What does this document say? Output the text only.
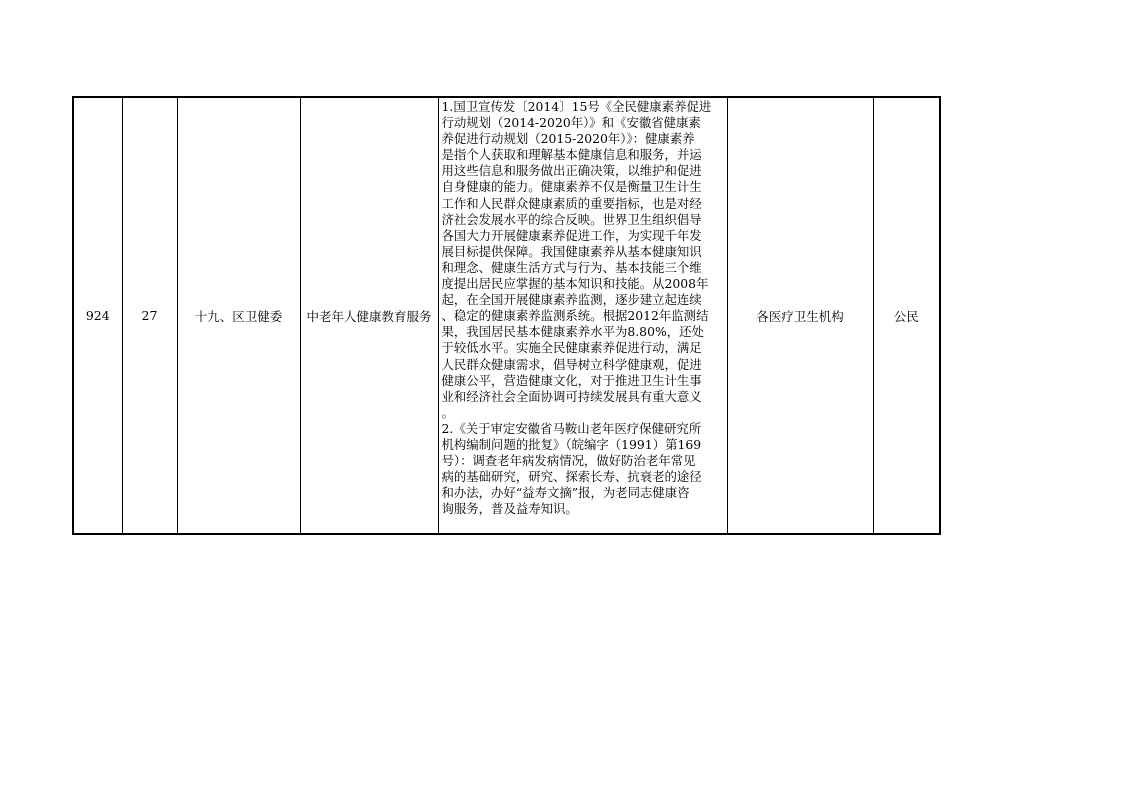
924	27	十九、区卫健委	中老年人健康教育服务	
1.国卫宣传发〔2014〕15号《全民健康素养促进
行动规划（2014-2020年）》和《安徽省健康素
养促进行动规划（2015-2020年）》：健康素养
是指个人获取和理解基本健康信息和服务，并运
用这些信息和服务做出正确决策，以维护和促进
自身健康的能力。健康素养不仅是衡量卫生计生
工作和人民群众健康素质的重要指标，也是对经
济社会发展水平的综合反映。世界卫生组织倡导
各国大力开展健康素养促进工作，为实现千年发
展目标提供保障。我国健康素养从基本健康知识
和理念、健康生活方式与行为、基本技能三个维
度提出居民应掌握的基本知识和技能。从2008年
起，在全国开展健康素养监测，逐步建立起连续
、稳定的健康素养监测系统。根据2012年监测结
果，我国居民基本健康素养水平为8.80%，还处
于较低水平。实施全民健康素养促进行动，满足
人民群众健康需求，倡导树立科学健康观，促进
健康公平，营造健康文化，对于推进卫生计生事
业和经济社会全面协调可持续发展具有重大意义
。
2.《关于审定安徽省马鞍山老年医疗保健研究所
机构编制问题的批复》（皖编字（1991）第169
号）：调查老年病发病情况，做好防治老年常见
病的基础研究，研究、探索长寿、抗衰老的途径
和办法，办好“益寿文摘”报，为老同志健康咨
询服务，普及益寿知识。
	各医疗卫生机构	公民
